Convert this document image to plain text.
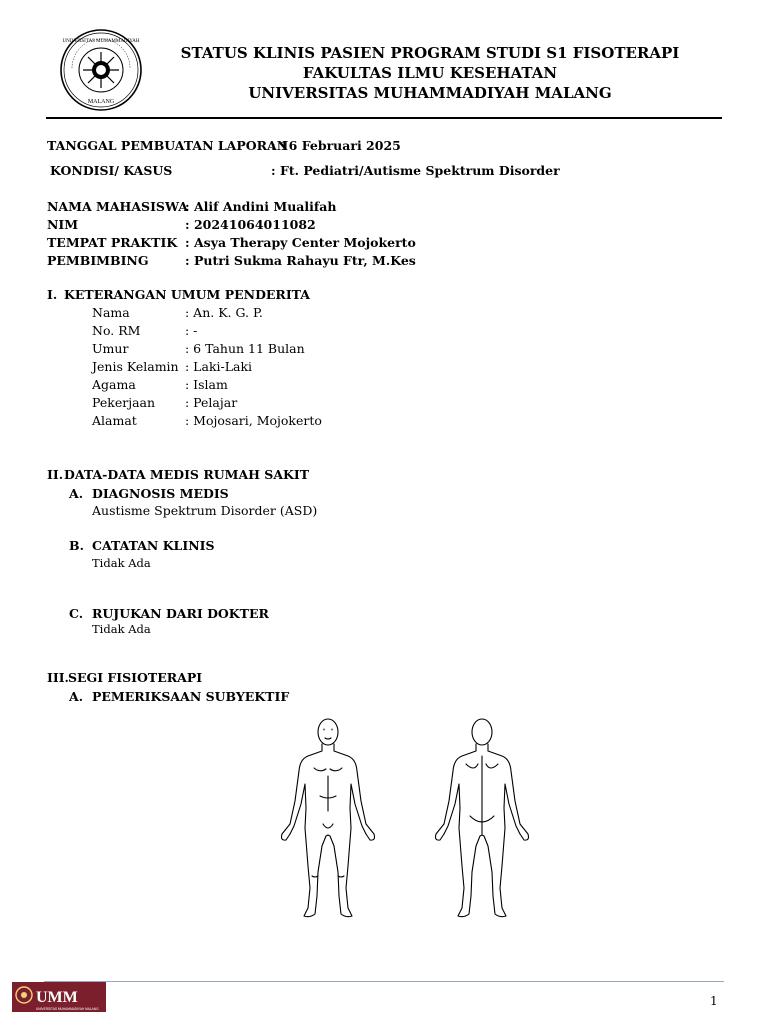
MALANG
UNIVERSITAS MUHAMMADIYAH
STATUS KLINIS PASIEN PROGRAM STUDI S1 FISOTERAPI
FAKULTAS ILMU KESEHATAN
UNIVERSITAS MUHAMMADIYAH MALANG
TANGGAL PEMBUATAN LAPORAN
: 16 Februari 2025
KONDISI/ KASUS	: Ft. Pediatri/Autisme Spektrum Disorder
NAMA MAHASISWA
: Alif Andini Mualifah
NIM	: 20241064011082
TEMPAT PRAKTIK : Asya Therapy Center Mojokerto
PEMBIMBING	: Putri Sukma Rahayu Ftr, M.Kes
I. KETERANGAN UMUM PENDERITA
Nama	: An. K. G. P.
No. RM	: -
Umur	: 6 Tahun 11 Bulan
Jenis Kelamin : Laki-Laki
Agama	: Islam
Pekerjaan : Pelajar
Alamat	: Mojosari, Mojokerto
II. DATA-DATA MEDIS RUMAH SAKIT
A. DIAGNOSIS MEDIS
Austisme Spektrum Disorder (ASD)
B. CATATAN KLINIS
Tidak Ada
C. RUJUKAN DARI DOKTER
Tidak Ada
III. SEGI FISIOTERAPI
A. PEMERIKSAAN SUBYEKTIF
UMM
UNIVERSITAS MUHAMMADIYAH MALANG
1
